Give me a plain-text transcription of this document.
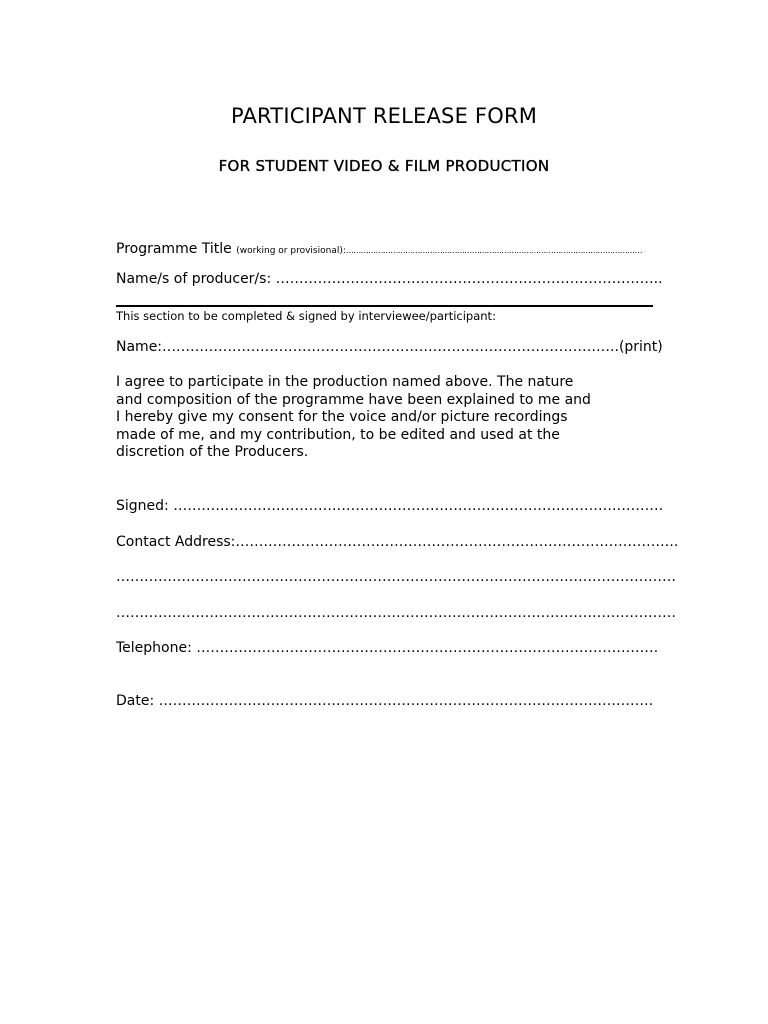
PARTICIPANT RELEASE FORM
FOR STUDENT VIDEO & FILM PRODUCTION
Programme Title (working or provisional):…………………………………………………………………………………………………………
Name/s of producer/s: ………………………………………………………………………..
This section to be completed & signed by interviewee/participant:
Name:……………………………………………………………………………………..(print)
I agree to participate in the production named above. The nature
and composition of the programme have been explained to me and
I hereby give my consent for the voice and/or picture recordings
made of me, and my contribution, to be edited and used at the
discretion of the Producers.
Signed: ……………………………………………………………………………………………
Contact Address:…………………………………………………………………………………..
…………………………………………………………………………………………………………
…………………………………………………………………………………………………………
Telephone: ………………………………………………………………………………………
Date: …………………………………………………………………………………………….
